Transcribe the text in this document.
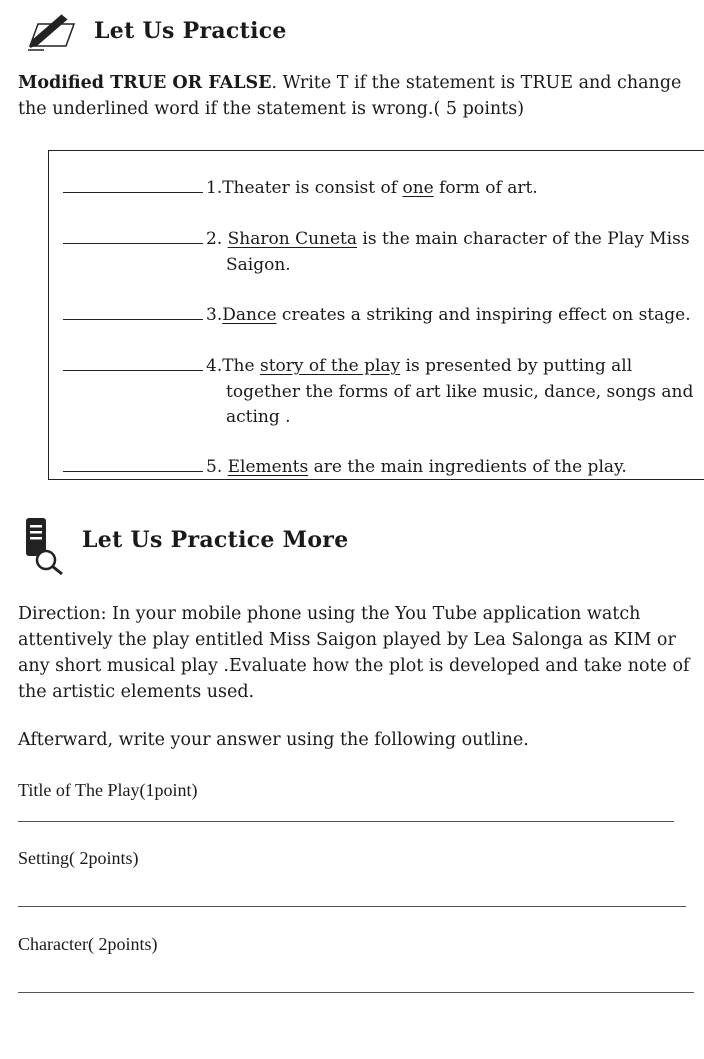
Let Us Practice
Modified TRUE OR FALSE. Write T if the statement is TRUE and change
the underlined word if the statement is wrong.( 5 points)
1.Theater is consist of one form of art.
2. Sharon Cuneta is the main character of the Play Miss
Saigon.
3.Dance creates a striking and inspiring effect on stage.
4.The story of the play is presented by putting all
together the forms of art like music, dance, songs and
acting .
5. Elements are the main ingredients of the play.
Let Us Practice More
Direction: In your mobile phone using the You Tube application watch
attentively the play entitled Miss Saigon played by Lea Salonga as KIM or
any short musical play .Evaluate how the plot is developed and take note of
the artistic elements used.
Afterward, write your answer using the following outline.
Title of The Play(1point)
Setting( 2points)
Character( 2points)
